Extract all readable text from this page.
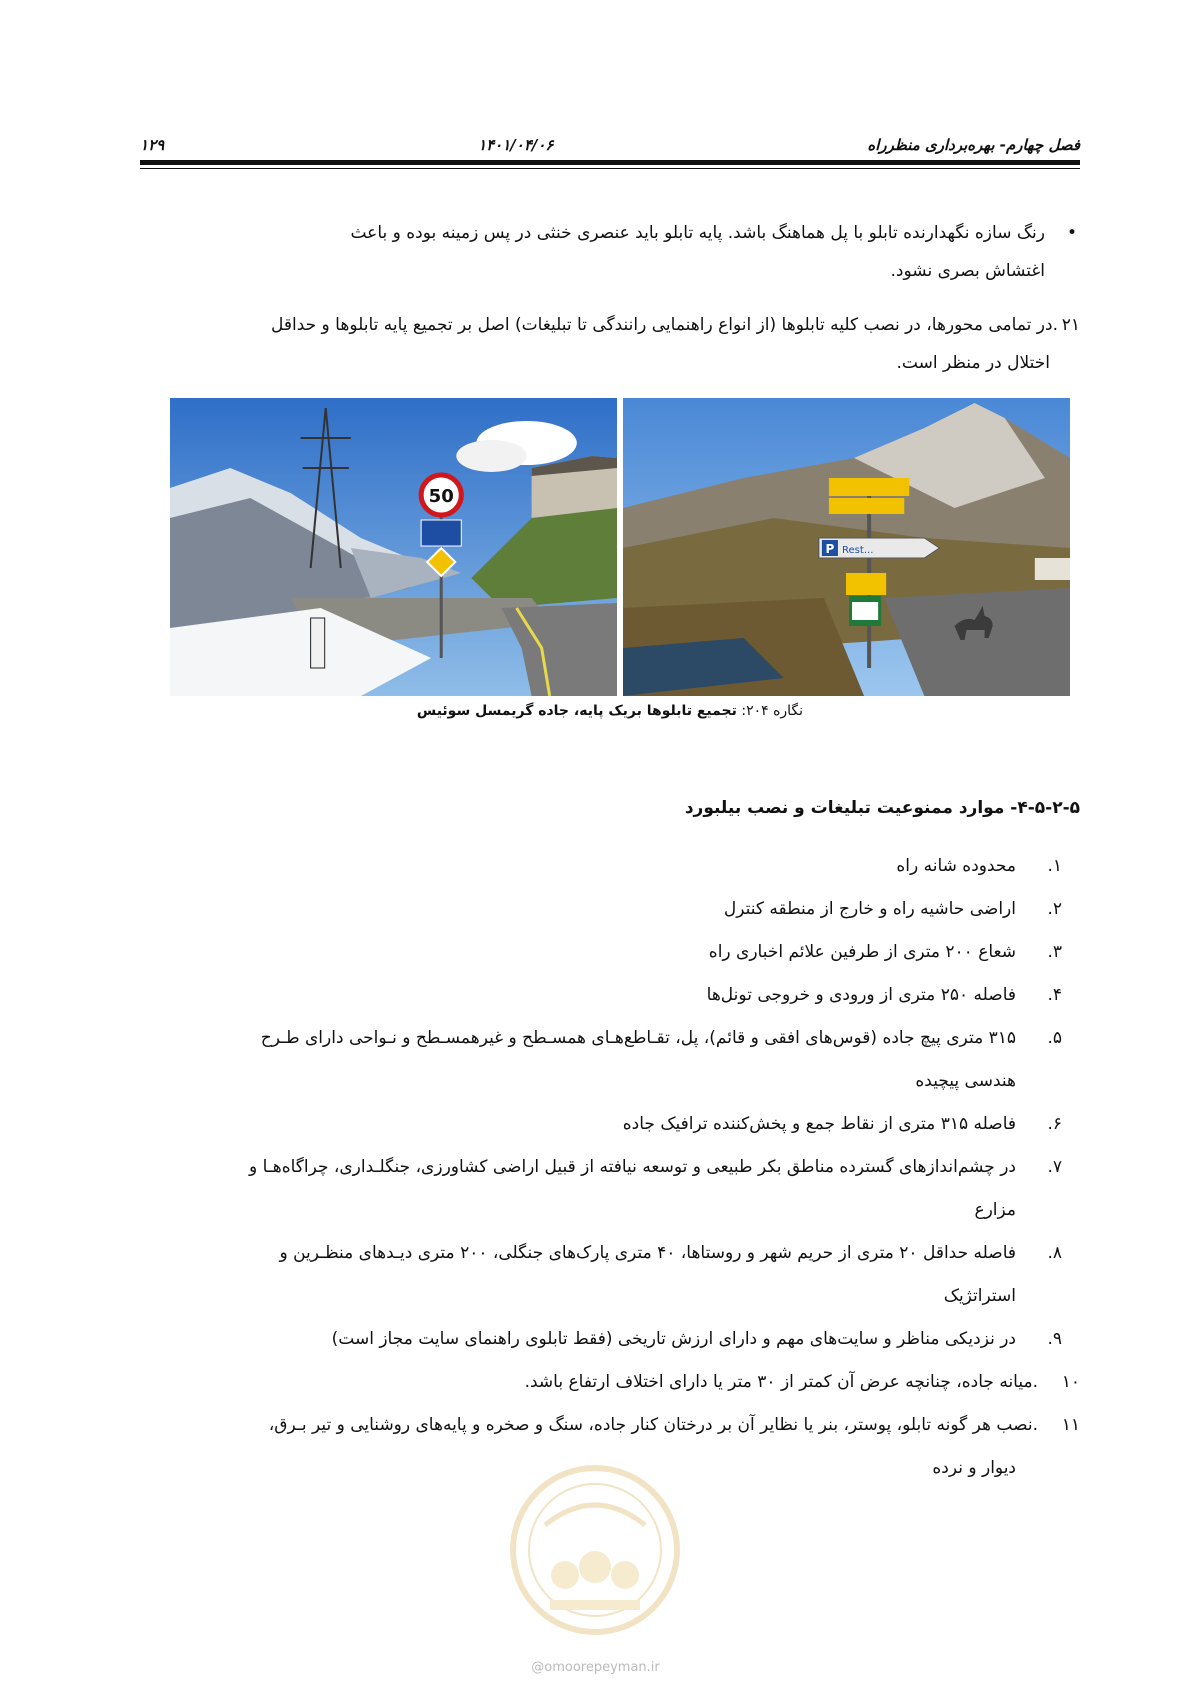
فصل چهارم- بهره‌برداری منظرراه
۱۴۰۱/۰۴/۰۶
۱۲۹
•
رنگ سازه نگهدارنده تابلو با پل هماهنگ باشد. پایه تابلو باید عنصری خنثی در پس زمینه بوده و باعث
اغتشاش بصری نشود.
۲۱
.در تمامی محورها، در نصب کلیه تابلوها (از انواع راهنمایی رانندگی تا تبلیغات) اصل بر تجمیع پایه تابلوها و حداقل
اختلال در منظر است.
50
P Rest...
نگاره ۲۰۴: تجمیع تابلوها بریک پایه، جاده گریمسل سوئیس
۴-۵-۲-۵- موارد ممنوعیت تبلیغات و نصب بیلبورد
۱.
محدوده شانه راه
۲.
اراضی حاشیه راه و خارج از منطقه کنترل
۳.
شعاع ۲۰۰ متری از طرفین علائم اخباری راه
۴.
فاصله ۲۵۰ متری از ورودی و خروجی تونل‌ها
۵.
۳۱۵ متری پیچ جاده (قوس‌های افقی و قائم)، پل، تقـاطع‌هـای همسـطح و غیرهمسـطح و نـواحی دارای طـرح
هندسی پیچیده
۶.
فاصله ۳۱۵ متری از نقاط جمع و پخش‌کننده ترافیک جاده
۷.
در چشم‌اندازهای گسترده مناطق بکر طبیعی و توسعه نیافته از قبیل اراضی کشاورزی، جنگلـداری، چراگاه‌هـا و
مزارع
۸.
فاصله حداقل ۲۰ متری از حریم شهر و روستاها، ۴۰ متری پارک‌های جنگلی، ۲۰۰ متری دیـدهای منظـرین و
استراتژیک
۹.
در نزدیکی مناظر و سایت‌های مهم و دارای ارزش تاریخی (فقط تابلوی راهنمای سایت مجاز است)
۱۰
.میانه جاده، چنانچه عرض آن کمتر از ۳۰ متر یا دارای اختلاف ارتفاع باشد.
۱۱
.نصب هر گونه تابلو، پوستر، بنر یا نظایر آن بر درختان کنار جاده، سنگ و صخره و پایه‌های روشنایی و تیر بـرق،
دیوار و نرده
@omoorepeyman.ir
